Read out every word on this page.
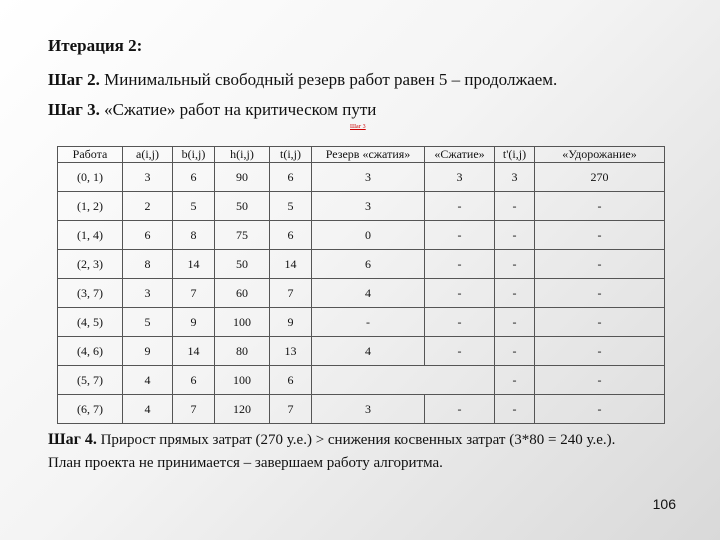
Итерация 2:
Шаг 2. Минимальный свободный резерв работ равен 5 – продолжаем.
Шаг 3. «Сжатие» работ на критическом пути
Шаг 3
Работа	a(i,j)	b(i,j)	h(i,j)	t(i,j)	Резерв «сжатия»	«Сжатие»	t'(i,j)	«Удорожание»
(0, 1)	3	6	90	6	3	3	3	270
(1, 2)	2	5	50	5	3	-	-	-
(1, 4)	6	8	75	6	0	-	-	-
(2, 3)	8	14	50	14	6	-	-	-
(3, 7)	3	7	60	7	4	-	-	-
(4, 5)	5	9	100	9	-	-	-	-
(4, 6)	9	14	80	13	4	-	-	-
(5, 7)	4	6	100	6			-	-
(6, 7)	4	7	120	7	3	-	-	-
Шаг 4. Прирост прямых затрат (270 у.е.) > снижения косвенных затрат (3*80 = 240 у.е.).
План проекта не принимается – завершаем работу алгоритма.
106
